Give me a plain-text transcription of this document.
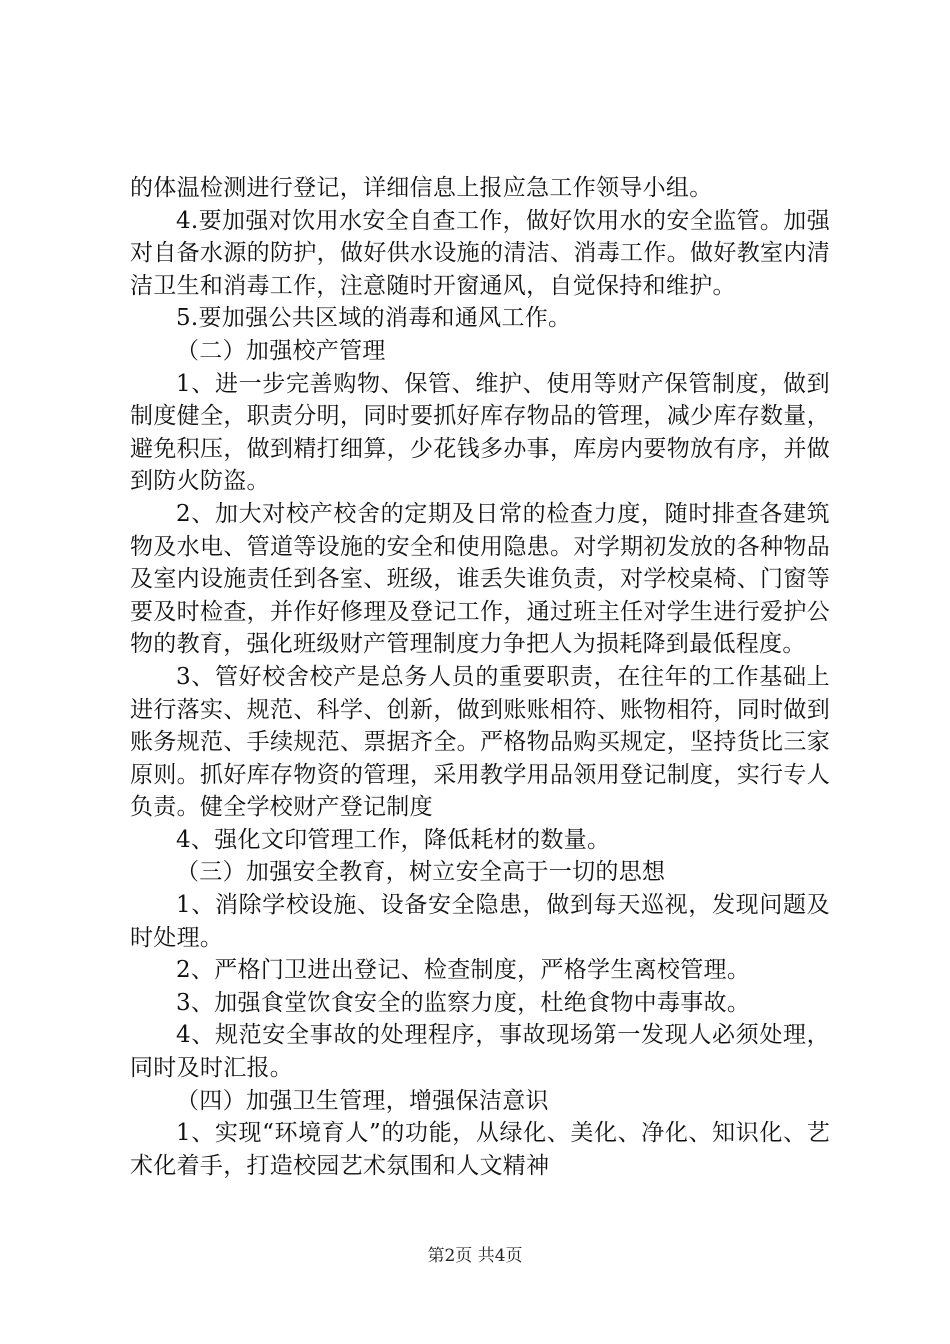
的体温检测进行登记，详细信息上报应急工作领导小组。

4.要加强对饮用水安全自查工作，做好饮用水的安全监管。加强对自备水源的防护，做好供水设施的清洁、消毒工作。做好教室内清洁卫生和消毒工作，注意随时开窗通风，自觉保持和维护。

5.要加强公共区域的消毒和通风工作。

（二）加强校产管理

1、进一步完善购物、保管、维护、使用等财产保管制度，做到制度健全，职责分明，同时要抓好库存物品的管理，减少库存数量，避免积压，做到精打细算，少花钱多办事，库房内要物放有序，并做到防火防盗。

2、加大对校产校舍的定期及日常的检查力度，随时排查各建筑物及水电、管道等设施的安全和使用隐患。对学期初发放的各种物品及室内设施责任到各室、班级，谁丢失谁负责，对学校桌椅、门窗等要及时检查，并作好修理及登记工作，通过班主任对学生进行爱护公物的教育，强化班级财产管理制度力争把人为损耗降到最低程度。

3、管好校舍校产是总务人员的重要职责，在往年的工作基础上进行落实、规范、科学、创新，做到账账相符、账物相符，同时做到账务规范、手续规范、票据齐全。严格物品购买规定，坚持货比三家原则。抓好库存物资的管理，采用教学用品领用登记制度，实行专人负责。健全学校财产登记制度

4、强化文印管理工作，降低耗材的数量。

（三）加强安全教育，树立安全高于一切的思想

1、消除学校设施、设备安全隐患，做到每天巡视，发现问题及时处理。

2、严格门卫进出登记、检查制度，严格学生离校管理。

3、加强食堂饮食安全的监察力度，杜绝食物中毒事故。

4、规范安全事故的处理程序，事故现场第一发现人必须处理，同时及时汇报。

（四）加强卫生管理，增强保洁意识

1、实现“环境育人”的功能，从绿化、美化、净化、知识化、艺术化着手，打造校园艺术氛围和人文精神

第2页 共4页
